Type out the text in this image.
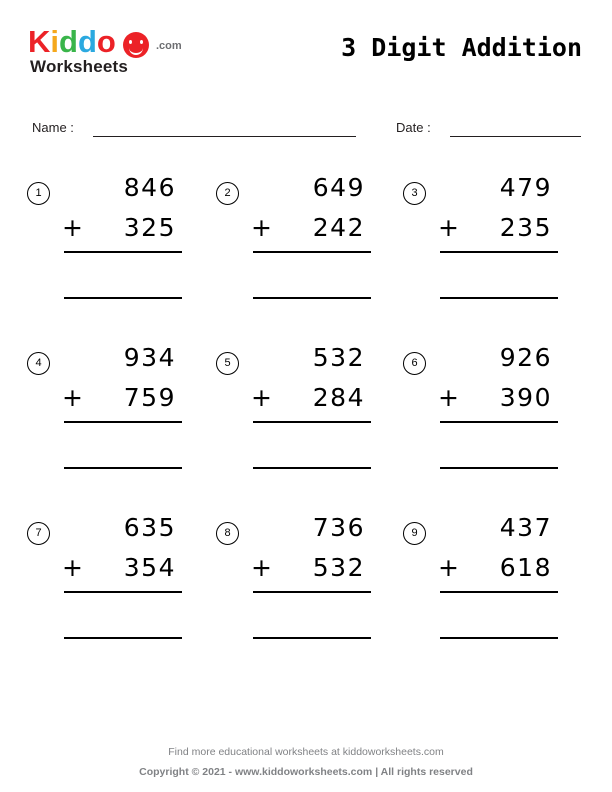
Kiddo	.com
Worksheets
3 Digit Addition
Name :	Date :
1	846
+	325
2	649
+	242
3	479
+	235
4	934
+	759
5	532
+	284
6	926
+	390
7	635
+	354
8	736
+	532
9	437
+	618
Find more educational worksheets at kiddoworksheets.com
Copyright © 2021 - www.kiddoworksheets.com | All rights reserved
